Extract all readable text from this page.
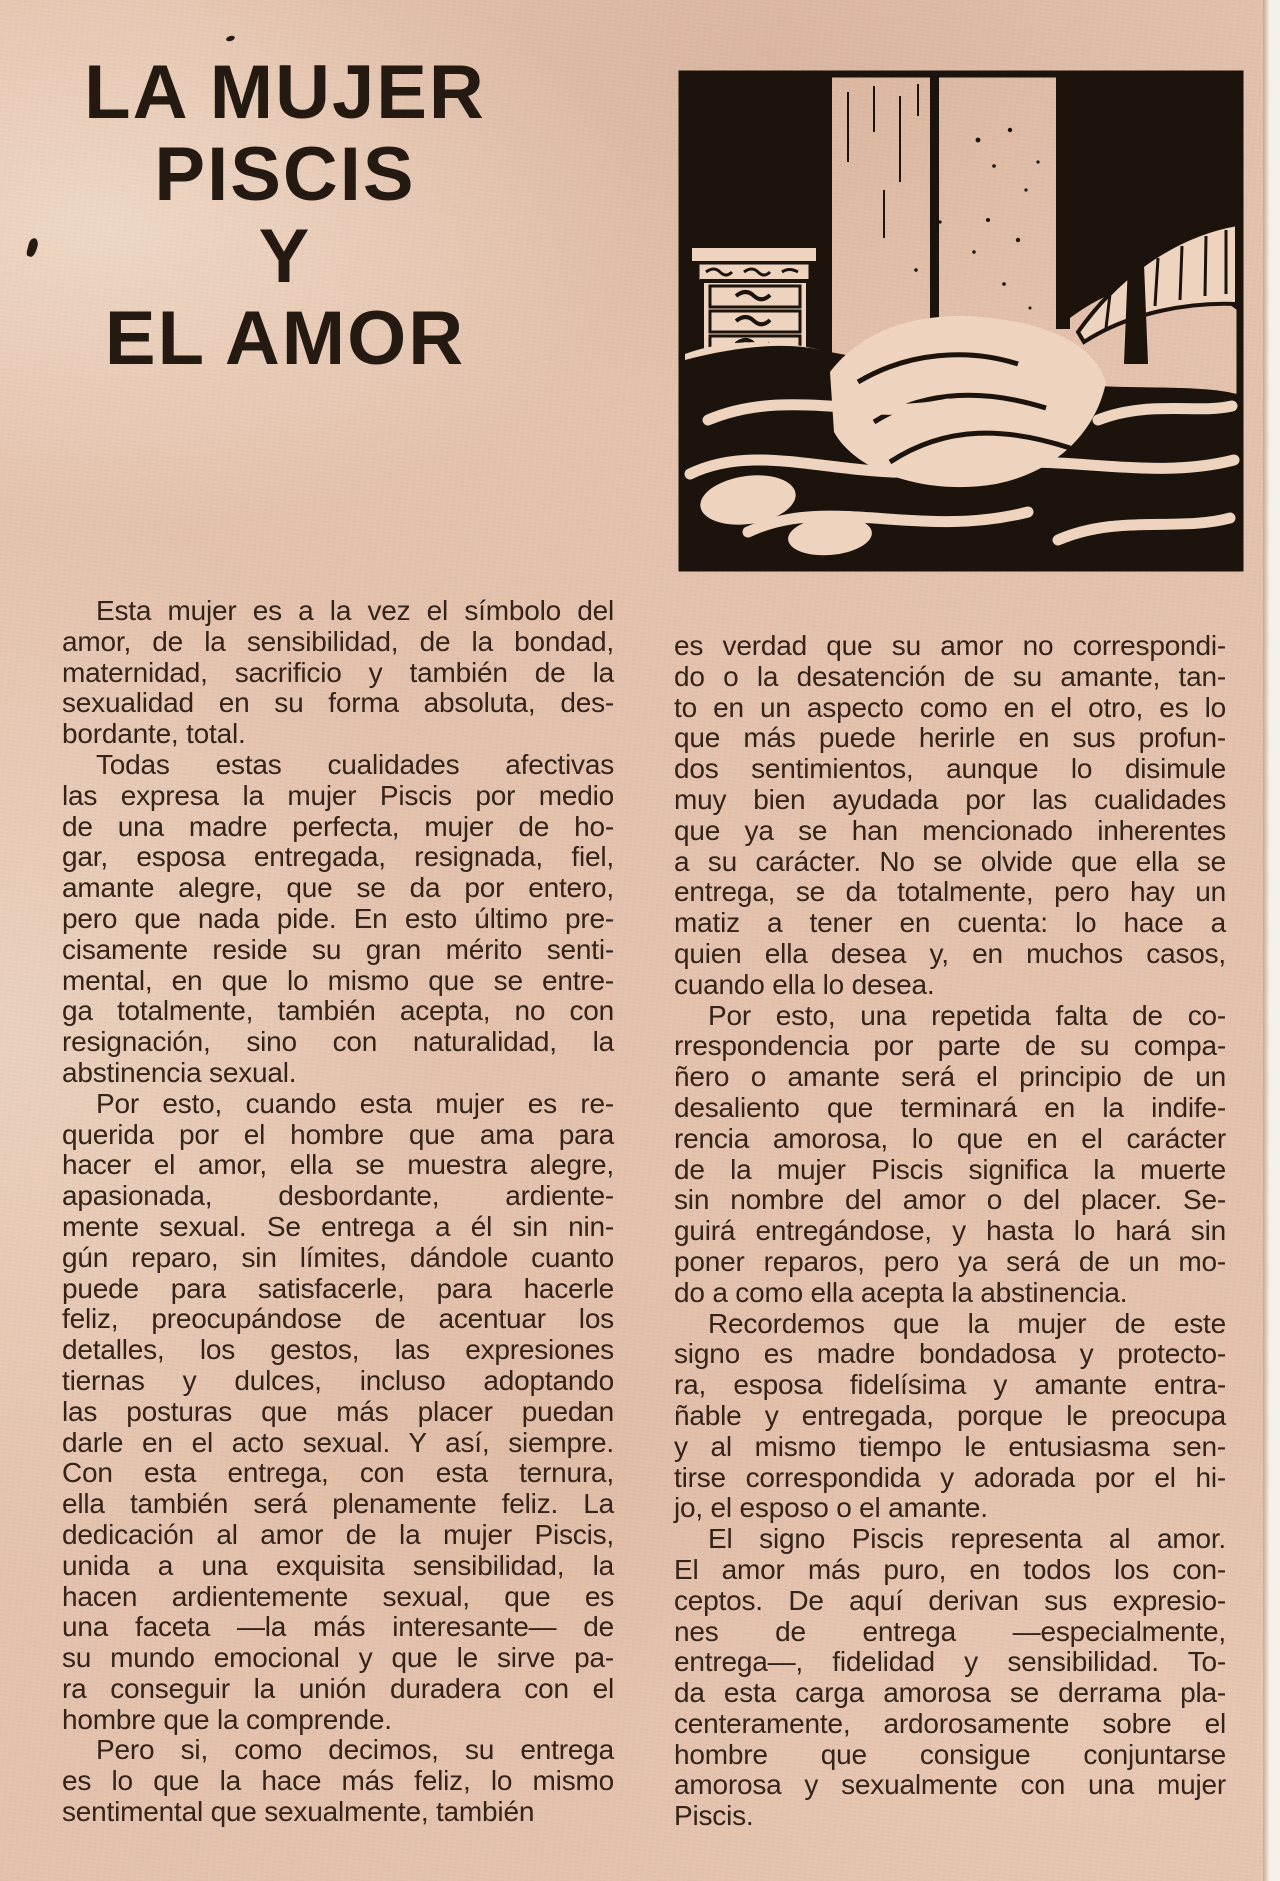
LA MUJER
PISCIS
Y
EL AMOR
Esta mujer es a la vez el símbolo del
amor, de la sensibilidad, de la bondad,
maternidad, sacrificio y también de la
sexualidad en su forma absoluta, des-
bordante, total.
Todas estas cualidades afectivas
las expresa la mujer Piscis por medio
de una madre perfecta, mujer de ho-
gar, esposa entregada, resignada, fiel,
amante alegre, que se da por entero,
pero que nada pide. En esto último pre-
cisamente reside su gran mérito senti-
mental, en que lo mismo que se entre-
ga totalmente, también acepta, no con
resignación, sino con naturalidad, la
abstinencia sexual.
Por esto, cuando esta mujer es re-
querida por el hombre que ama para
hacer el amor, ella se muestra alegre,
apasionada, desbordante, ardiente-
mente sexual. Se entrega a él sin nin-
gún reparo, sin límites, dándole cuanto
puede para satisfacerle, para hacerle
feliz, preocupándose de acentuar los
detalles, los gestos, las expresiones
tiernas y dulces, incluso adoptando
las posturas que más placer puedan
darle en el acto sexual. Y así, siempre.
Con esta entrega, con esta ternura,
ella también será plenamente feliz. La
dedicación al amor de la mujer Piscis,
unida a una exquisita sensibilidad, la
hacen ardientemente sexual, que es
una faceta —la más interesante— de
su mundo emocional y que le sirve pa-
ra conseguir la unión duradera con el
hombre que la comprende.
Pero si, como decimos, su entrega
es lo que la hace más feliz, lo mismo
sentimental que sexualmente, también
es verdad que su amor no correspondi-
do o la desatención de su amante, tan-
to en un aspecto como en el otro, es lo
que más puede herirle en sus profun-
dos sentimientos, aunque lo disimule
muy bien ayudada por las cualidades
que ya se han mencionado inherentes
a su carácter. No se olvide que ella se
entrega, se da totalmente, pero hay un
matiz a tener en cuenta: lo hace a
quien ella desea y, en muchos casos,
cuando ella lo desea.
Por esto, una repetida falta de co-
rrespondencia por parte de su compa-
ñero o amante será el principio de un
desaliento que terminará en la indife-
rencia amorosa, lo que en el carácter
de la mujer Piscis significa la muerte
sin nombre del amor o del placer. Se-
guirá entregándose, y hasta lo hará sin
poner reparos, pero ya será de un mo-
do a como ella acepta la abstinencia.
Recordemos que la mujer de este
signo es madre bondadosa y protecto-
ra, esposa fidelísima y amante entra-
ñable y entregada, porque le preocupa
y al mismo tiempo le entusiasma sen-
tirse correspondida y adorada por el hi-
jo, el esposo o el amante.
El signo Piscis representa al amor.
El amor más puro, en todos los con-
ceptos. De aquí derivan sus expresio-
nes de entrega —especialmente,
entrega—, fidelidad y sensibilidad. To-
da esta carga amorosa se derrama pla-
centeramente, ardorosamente sobre el
hombre que consigue conjuntarse
amorosa y sexualmente con una mujer
Piscis.
